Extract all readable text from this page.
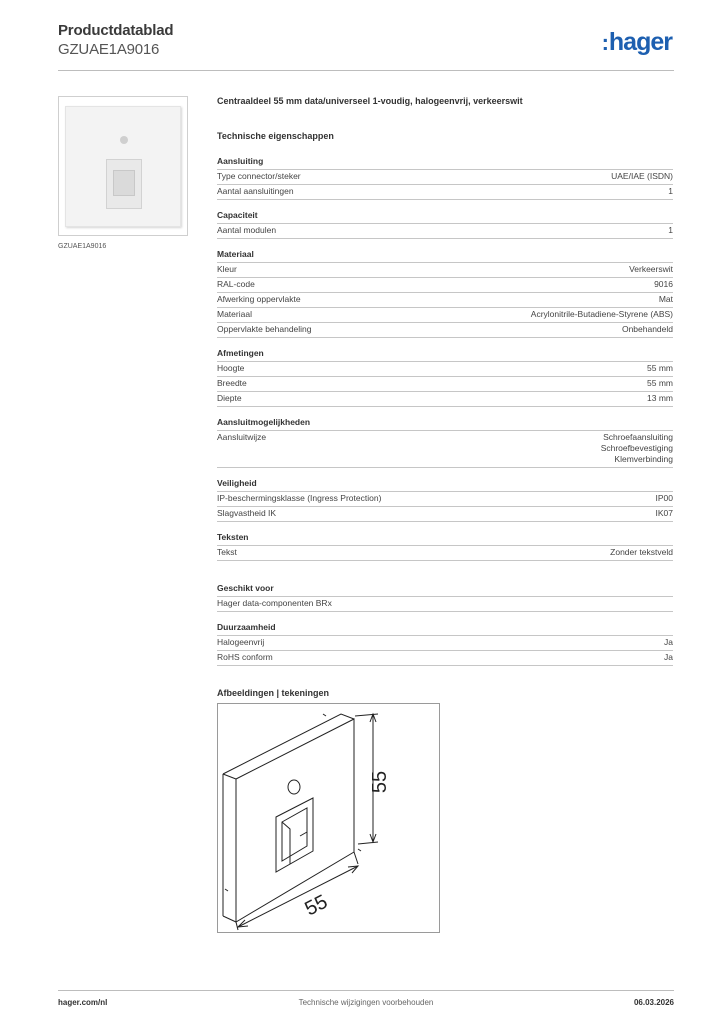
Productdatablad
GZUAE1A9016	:hager
GZUAE1A9016
Centraaldeel 55 mm data/universeel 1-voudig, halogeenvrij, verkeerswit
Technische eigenschappen
Aansluiting
Type connector/steker	UAE/IAE (ISDN)
Aantal aansluitingen	1
Capaciteit
Aantal modulen	1
Materiaal
Kleur	Verkeerswit
RAL-code	9016
Afwerking oppervlakte	Mat
Materiaal	Acrylonitrile-Butadiene-Styrene (ABS)
Oppervlakte behandeling	Onbehandeld
Afmetingen
Hoogte	55 mm
Breedte	55 mm
Diepte	13 mm
Aansluitmogelijkheden
Aansluitwijze	Schroefaansluiting
Schroefbevestiging
Klemverbinding
Veiligheid
IP-beschermingsklasse (Ingress Protection)	IP00
Slagvastheid IK	IK07
Teksten
Tekst	Zonder tekstveld
Geschikt voor
Hager data-componenten BRx
Duurzaamheid
Halogeenvrij	Ja
RoHS conform	Ja
Afbeeldingen | tekeningen
55
55
hager.com/nl	Technische wijzigingen voorbehouden	06.03.2026
